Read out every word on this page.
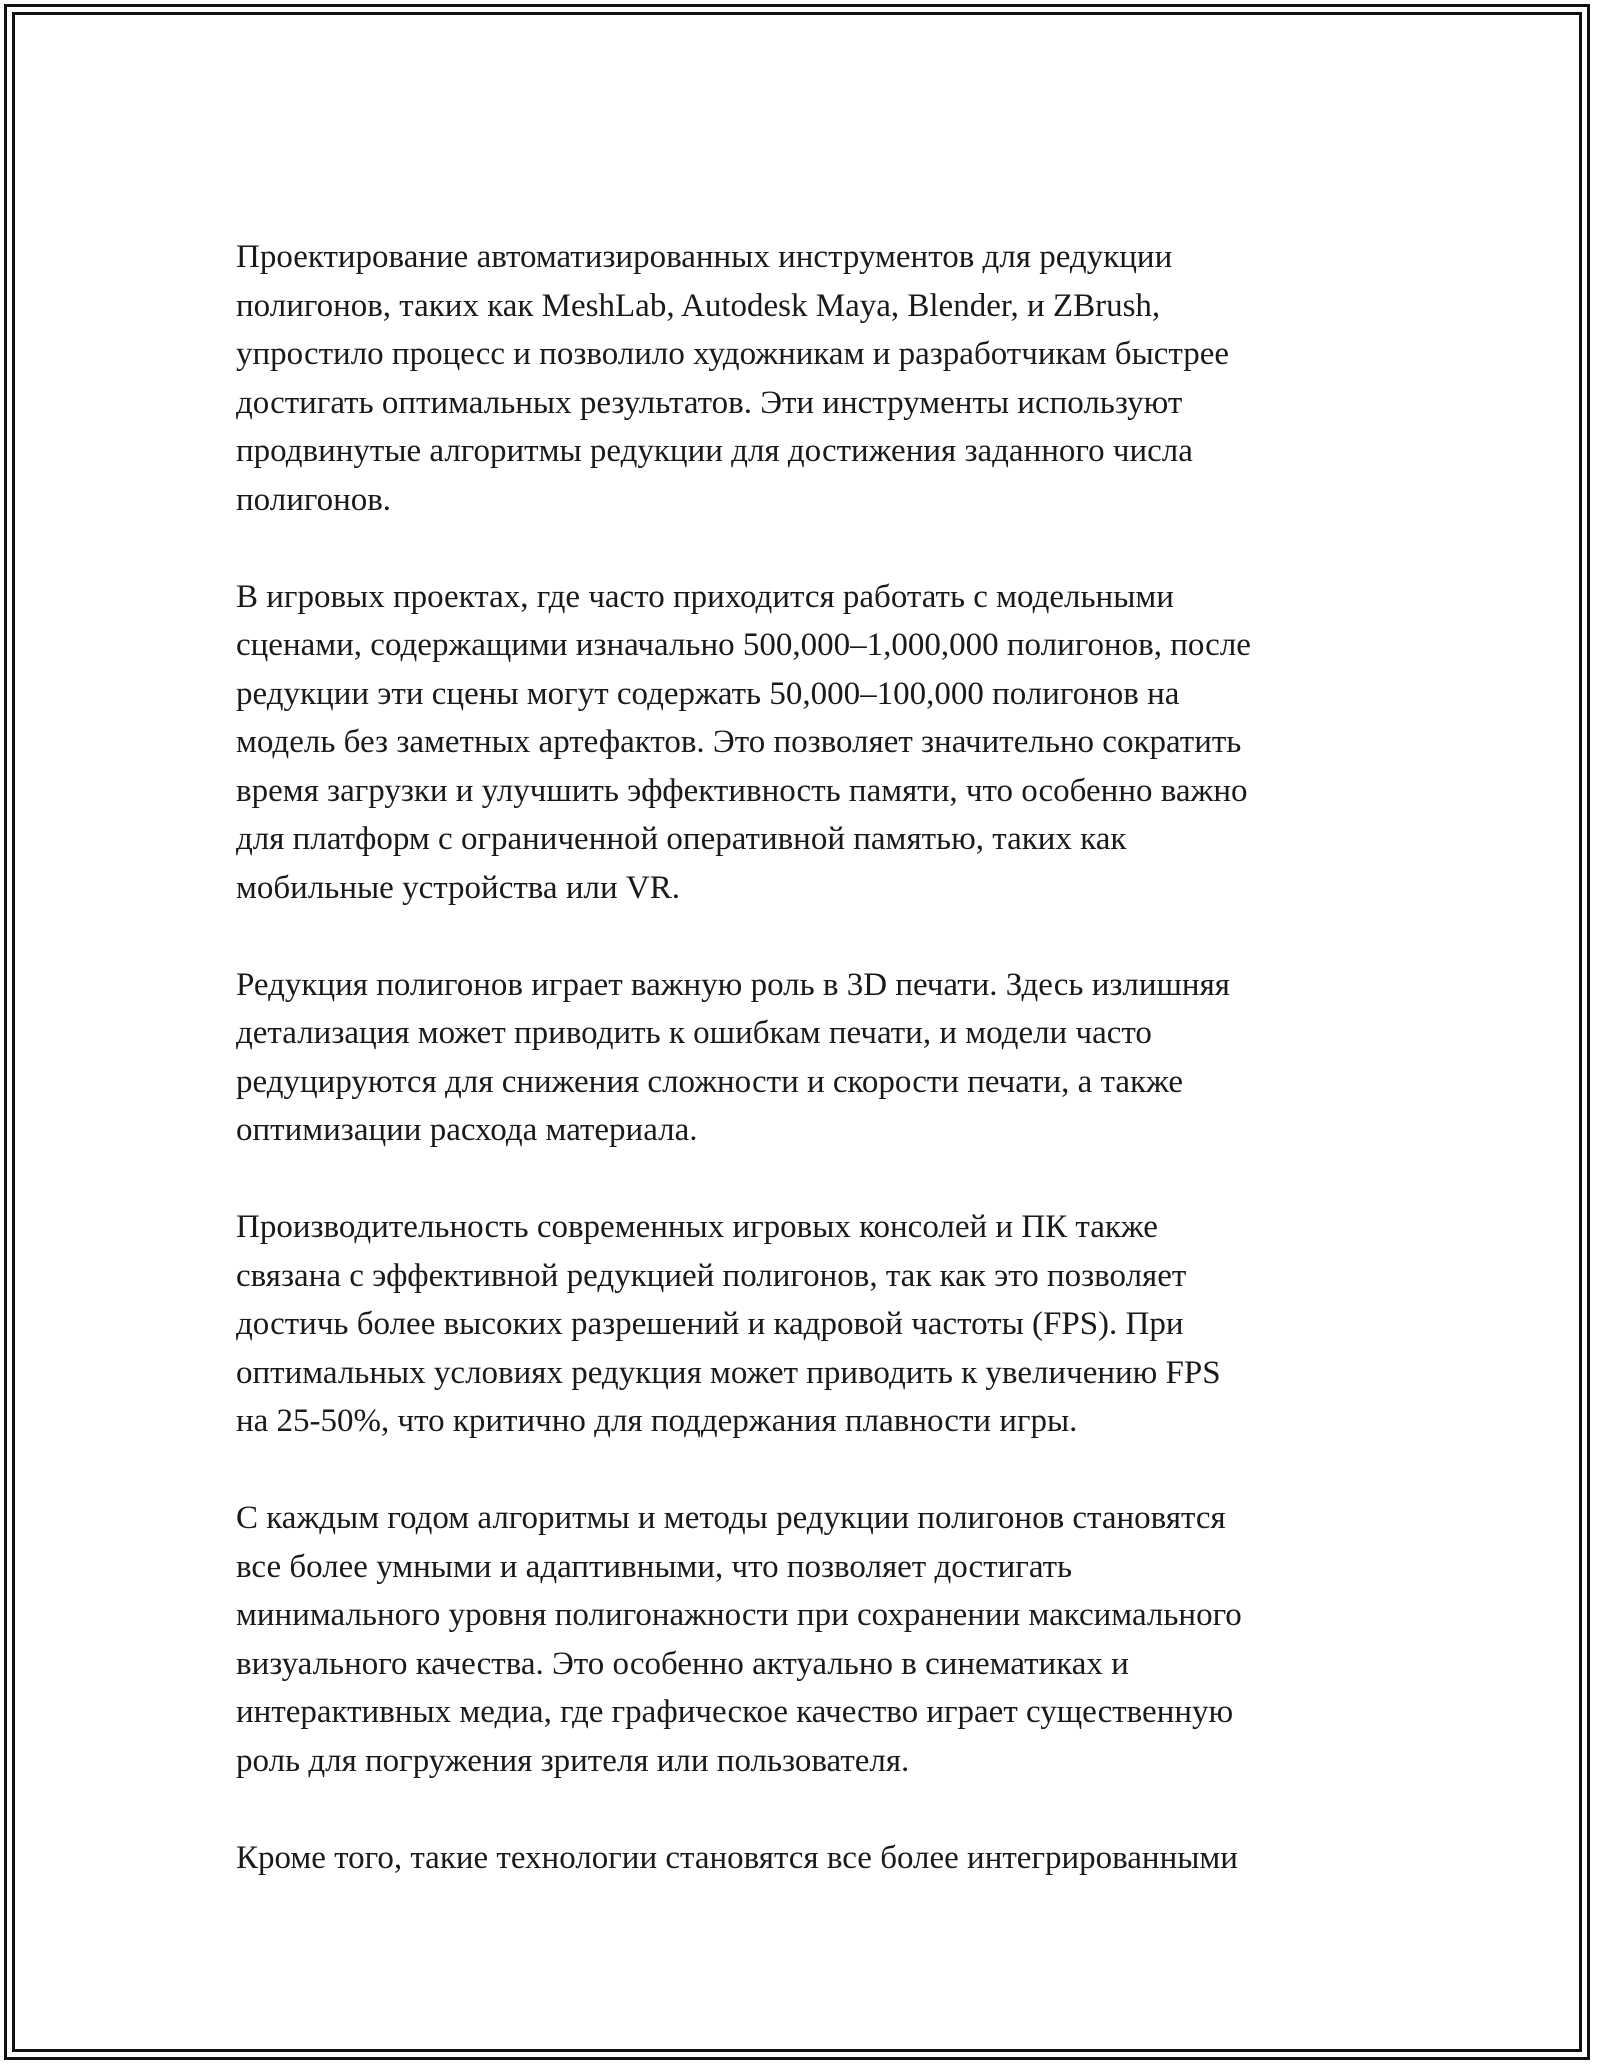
Проектирование автоматизированных инструментов для редукции
полигонов, таких как MeshLab, Autodesk Maya, Blender, и ZBrush,
упростило процесс и позволило художникам и разработчикам быстрее
достигать оптимальных результатов. Эти инструменты используют
продвинутые алгоритмы редукции для достижения заданного числа
полигонов.

В игровых проектах, где часто приходится работать с модельными
сценами, содержащими изначально 500,000–1,000,000 полигонов, после
редукции эти сцены могут содержать 50,000–100,000 полигонов на
модель без заметных артефактов. Это позволяет значительно сократить
время загрузки и улучшить эффективность памяти, что особенно важно
для платформ с ограниченной оперативной памятью, таких как
мобильные устройства или VR.

Редукция полигонов играет важную роль в 3D печати. Здесь излишняя
детализация может приводить к ошибкам печати, и модели часто
редуцируются для снижения сложности и скорости печати, а также
оптимизации расхода материала.

Производительность современных игровых консолей и ПК также
связана с эффективной редукцией полигонов, так как это позволяет
достичь более высоких разрешений и кадровой частоты (FPS). При
оптимальных условиях редукция может приводить к увеличению FPS
на 25-50%, что критично для поддержания плавности игры.

С каждым годом алгоритмы и методы редукции полигонов становятся
все более умными и адаптивными, что позволяет достигать
минимального уровня полигонажности при сохранении максимального
визуального качества. Это особенно актуально в синематиках и
интерактивных медиа, где графическое качество играет существенную
роль для погружения зрителя или пользователя.

Кроме того, такие технологии становятся все более интегрированными
